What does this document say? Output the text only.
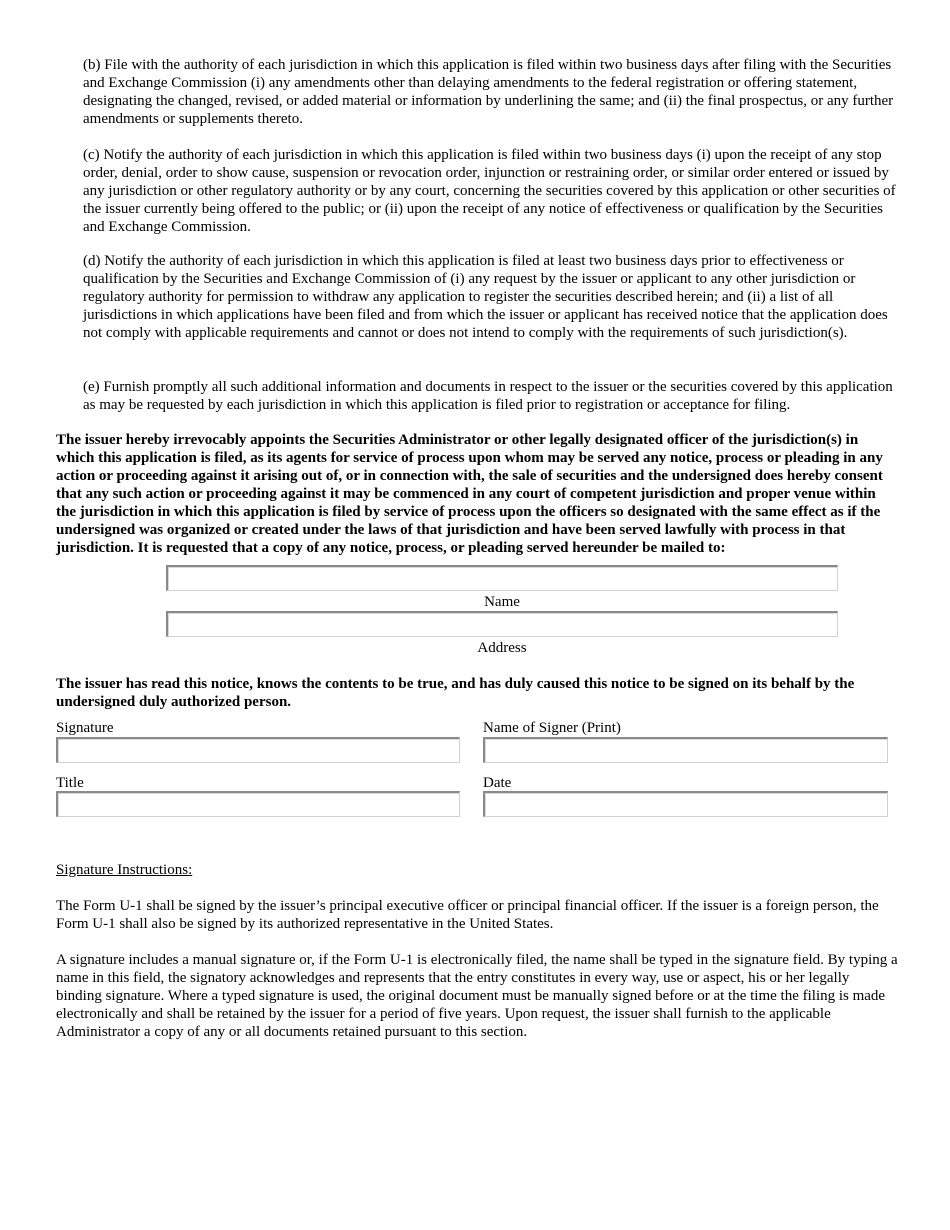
(b) File with the authority of each jurisdiction in which this application is filed within two business days after filing with the Securities and Exchange Commission (i) any amendments other than delaying amendments to the federal registration or offering statement, designating the changed, revised, or added material or information by underlining the same; and (ii) the final prospectus, or any further amendments or supplements thereto.

(c) Notify the authority of each jurisdiction in which this application is filed within two business days (i) upon the receipt of any stop order, denial, order to show cause, suspension or revocation order, injunction or restraining order, or similar order entered or issued by any jurisdiction or other regulatory authority or by any court, concerning the securities covered by this application or other securities of the issuer currently being offered to the public; or (ii) upon the receipt of any notice of effectiveness or qualification by the Securities and Exchange Commission.

(d) Notify the authority of each jurisdiction in which this application is filed at least two business days prior to effectiveness or qualification by the Securities and Exchange Commission of (i) any request by the issuer or applicant to any other jurisdiction or regulatory authority for permission to withdraw any application to register the securities described herein; and (ii) a list of all jurisdictions in which applications have been filed and from which the issuer or applicant has received notice that the application does not comply with applicable requirements and cannot or does not intend to comply with the requirements of such jurisdiction(s).

(e) Furnish promptly all such additional information and documents in respect to the issuer or the securities covered by this application as may be requested by each jurisdiction in which this application is filed prior to registration or acceptance for filing.

The issuer hereby irrevocably appoints the Securities Administrator or other legally designated officer of the jurisdiction(s) in which this application is filed, as its agents for service of process upon whom may be served any notice, process or pleading in any action or proceeding against it arising out of, or in connection with, the sale of securities and the undersigned does hereby consent that any such action or proceeding against it may be commenced in any court of competent jurisdiction and proper venue within the jurisdiction in which this application is filed by service of process upon the officers so designated with the same effect as if the undersigned was organized or created under the laws of that jurisdiction and have been served lawfully with process in that jurisdiction. It is requested that a copy of any notice, process, or pleading served hereunder be mailed to:

Name
Address

The issuer has read this notice, knows the contents to be true, and has duly caused this notice to be signed on its behalf by the undersigned duly authorized person.

Signature	Name of Signer (Print)
Title	Date
Signature Instructions:

The Form U-1 shall be signed by the issuer’s principal executive officer or principal financial officer. If the issuer is a foreign person, the Form U-1 shall also be signed by its authorized representative in the United States.

A signature includes a manual signature or, if the Form U-1 is electronically filed, the name shall be typed in the signature field. By typing a name in this field, the signatory acknowledges and represents that the entry constitutes in every way, use or aspect, his or her legally binding signature. Where a typed signature is used, the original document must be manually signed before or at the time the filing is made electronically and shall be retained by the issuer for a period of five years. Upon request, the issuer shall furnish to the applicable Administrator a copy of any or all documents retained pursuant to this section.
